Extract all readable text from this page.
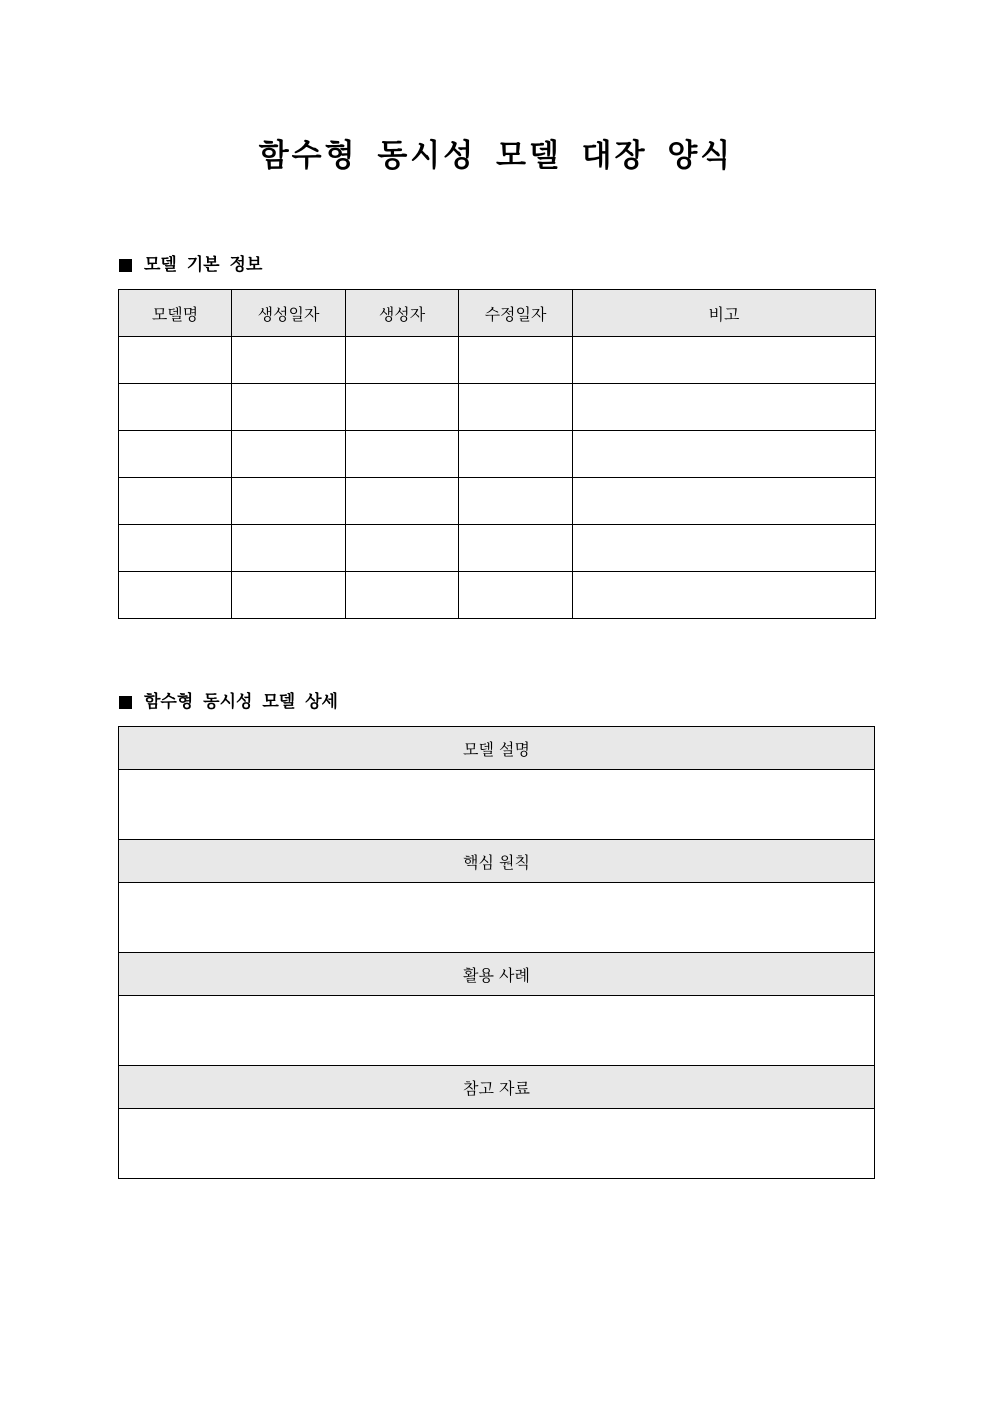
함수형 동시성 모델 대장 양식
모델 기본 정보
모델명	생성일자	생성자	수정일자	비고

함수형 동시성 모델 상세
모델 설명

핵심 원칙

활용 사례

참고 자료
